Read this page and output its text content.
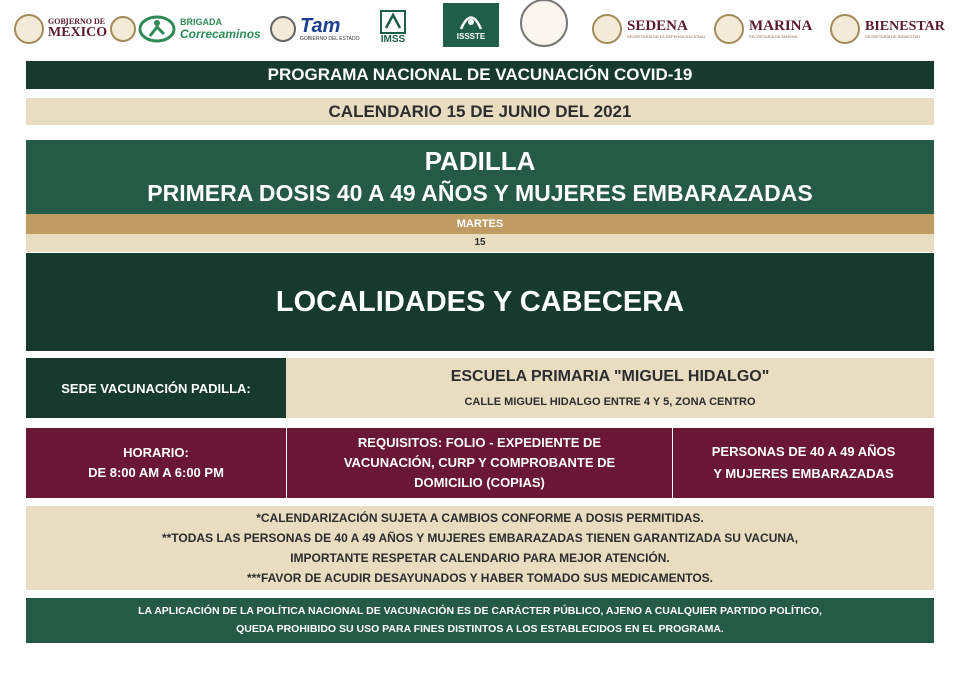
GOBIERNO DE
MÉXICO
BRIGADA
Correcaminos Tam
GOBIERNO DEL ESTADO IMSS	ISSSTE
SEDENA
SECRETARÍA DE LA DEFENSA NACIONAL
MARINA
SECRETARÍA DE MARINA
BIENESTAR
SECRETARÍA DE BIENESTAR
PROGRAMA NACIONAL DE VACUNACIÓN COVID-19
CALENDARIO 15 DE JUNIO DEL 2021
PADILLA
PRIMERA DOSIS 40 A 49 AÑOS Y MUJERES EMBARAZADAS
MARTES
15
LOCALIDADES Y CABECERA
SEDE VACUNACIÓN PADILLA:
ESCUELA PRIMARIA "MIGUEL HIDALGO"
CALLE MIGUEL HIDALGO ENTRE 4 Y 5, ZONA CENTRO
HORARIO:
DE 8:00 AM A 6:00 PM
REQUISITOS: FOLIO - EXPEDIENTE DE
VACUNACIÓN, CURP Y COMPROBANTE DE
DOMICILIO (COPIAS)
PERSONAS DE 40 A 49 AÑOS
Y MUJERES EMBARAZADAS
*CALENDARIZACIÓN SUJETA A CAMBIOS CONFORME A DOSIS PERMITIDAS.
**TODAS LAS PERSONAS DE 40 A 49 AÑOS Y MUJERES EMBARAZADAS TIENEN GARANTIZADA SU VACUNA,
IMPORTANTE RESPETAR CALENDARIO PARA MEJOR ATENCIÓN.
***FAVOR DE ACUDIR DESAYUNADOS Y HABER TOMADO SUS MEDICAMENTOS.
LA APLICACIÓN DE LA POLÍTICA NACIONAL DE VACUNACIÓN ES DE CARÁCTER PÚBLICO, AJENO A CUALQUIER PARTIDO POLÍTICO,
QUEDA PROHIBIDO SU USO PARA FINES DISTINTOS A LOS ESTABLECIDOS EN EL PROGRAMA.
